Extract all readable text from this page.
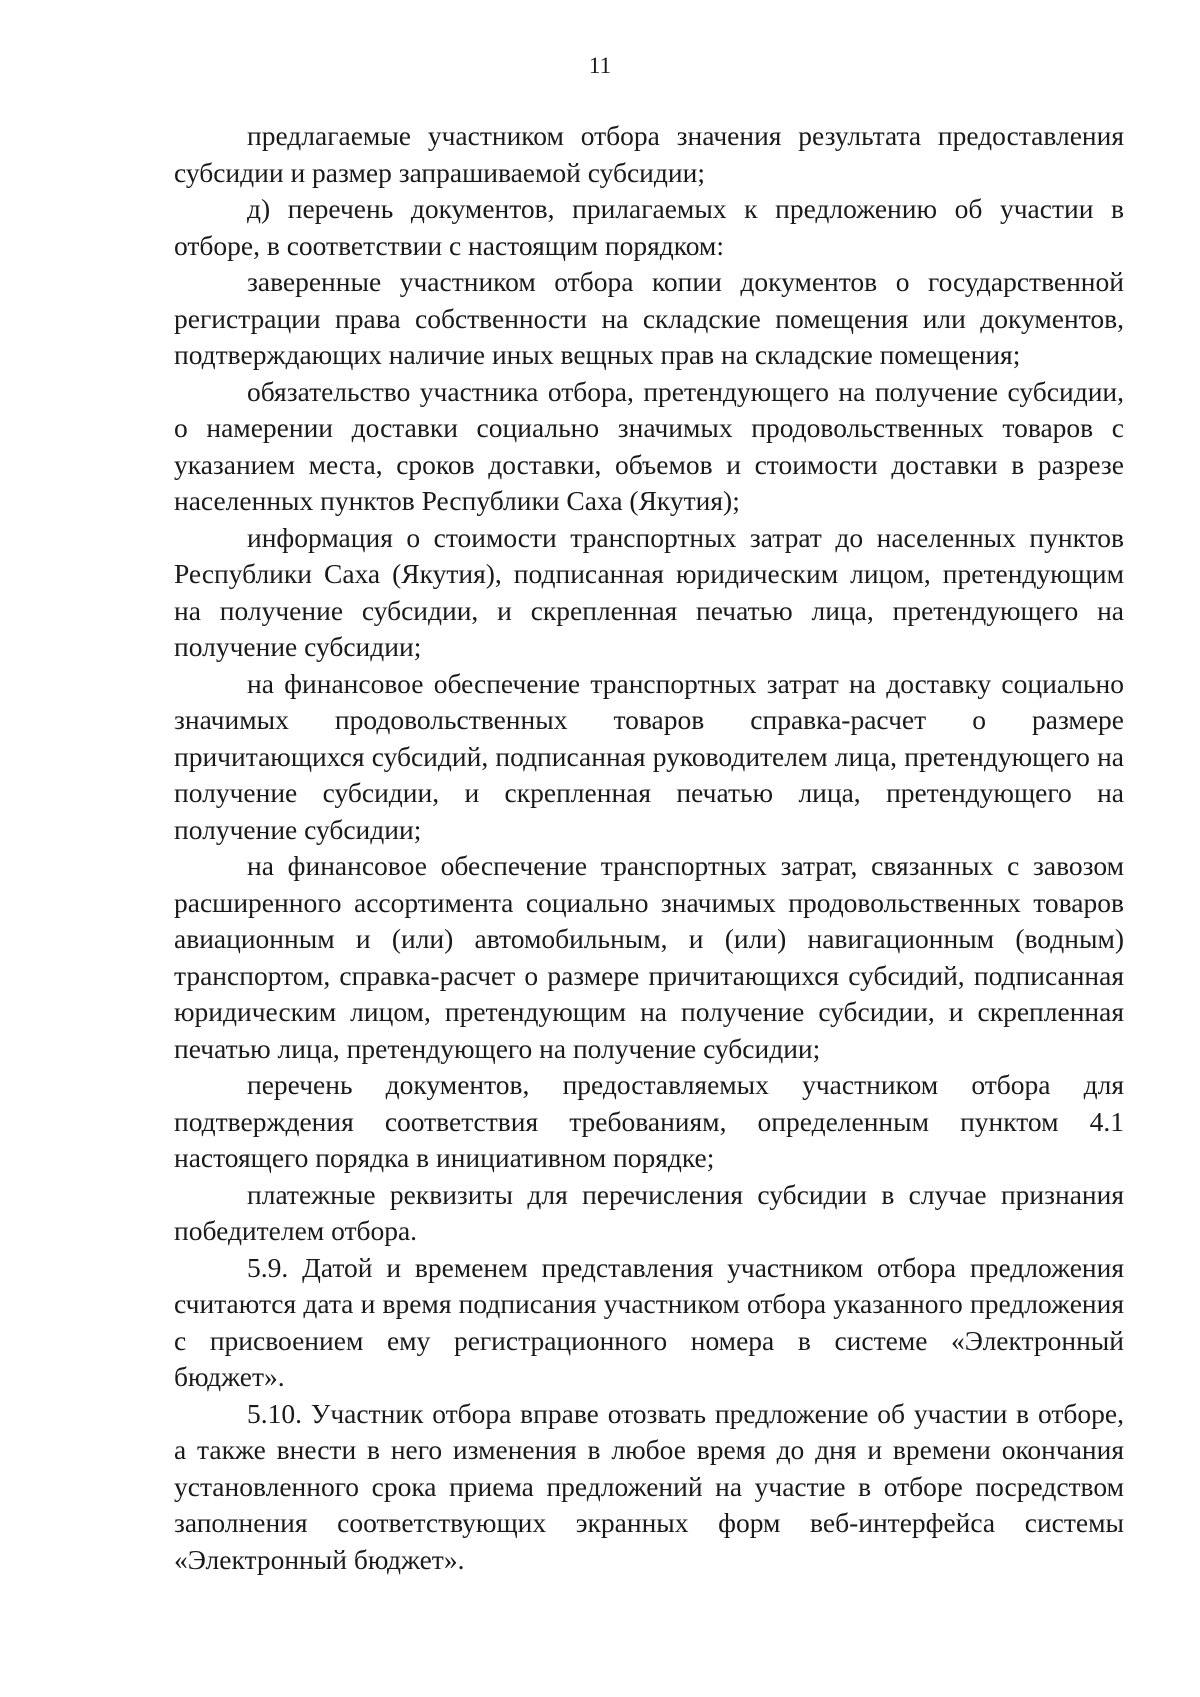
11

предлагаемые участником отбора значения результата предоставления субсидии и размер запрашиваемой субсидии;

д) перечень документов, прилагаемых к предложению об участии в отборе, в соответствии с настоящим порядком:

заверенные участником отбора копии документов о государственной регистрации права собственности на складские помещения или документов, подтверждающих наличие иных вещных прав на складские помещения;

обязательство участника отбора, претендующего на получение субсидии, о намерении доставки социально значимых продовольственных товаров с указанием места, сроков доставки, объемов и стоимости доставки в разрезе населенных пунктов Республики Саха (Якутия);

информация о стоимости транспортных затрат до населенных пунктов Республики Саха (Якутия), подписанная юридическим лицом, претендующим на получение субсидии, и скрепленная печатью лица, претендующего на получение субсидии;

на финансовое обеспечение транспортных затрат на доставку социально значимых продовольственных товаров справка-расчет о размере причитающихся субсидий, подписанная руководителем лица, претендующего на получение субсидии, и скрепленная печатью лица, претендующего на получение субсидии;

на финансовое обеспечение транспортных затрат, связанных с завозом расширенного ассортимента социально значимых продовольственных товаров авиационным и (или) автомобильным, и (или) навигационным (водным) транспортом, справка-расчет о размере причитающихся субсидий, подписанная юридическим лицом, претендующим на получение субсидии, и скрепленная печатью лица, претендующего на получение субсидии;

перечень документов, предоставляемых участником отбора для подтверждения соответствия требованиям, определенным пунктом 4.1 настоящего порядка в инициативном порядке;

платежные реквизиты для перечисления субсидии в случае признания победителем отбора.

5.9. Датой и временем представления участником отбора предложения считаются дата и время подписания участником отбора указанного предложения с присвоением ему регистрационного номера в системе «Электронный бюджет».

5.10. Участник отбора вправе отозвать предложение об участии в отборе, а также внести в него изменения в любое время до дня и времени окончания установленного срока приема предложений на участие в отборе посредством заполнения соответствующих экранных форм веб-интерфейса системы «Электронный бюджет».
